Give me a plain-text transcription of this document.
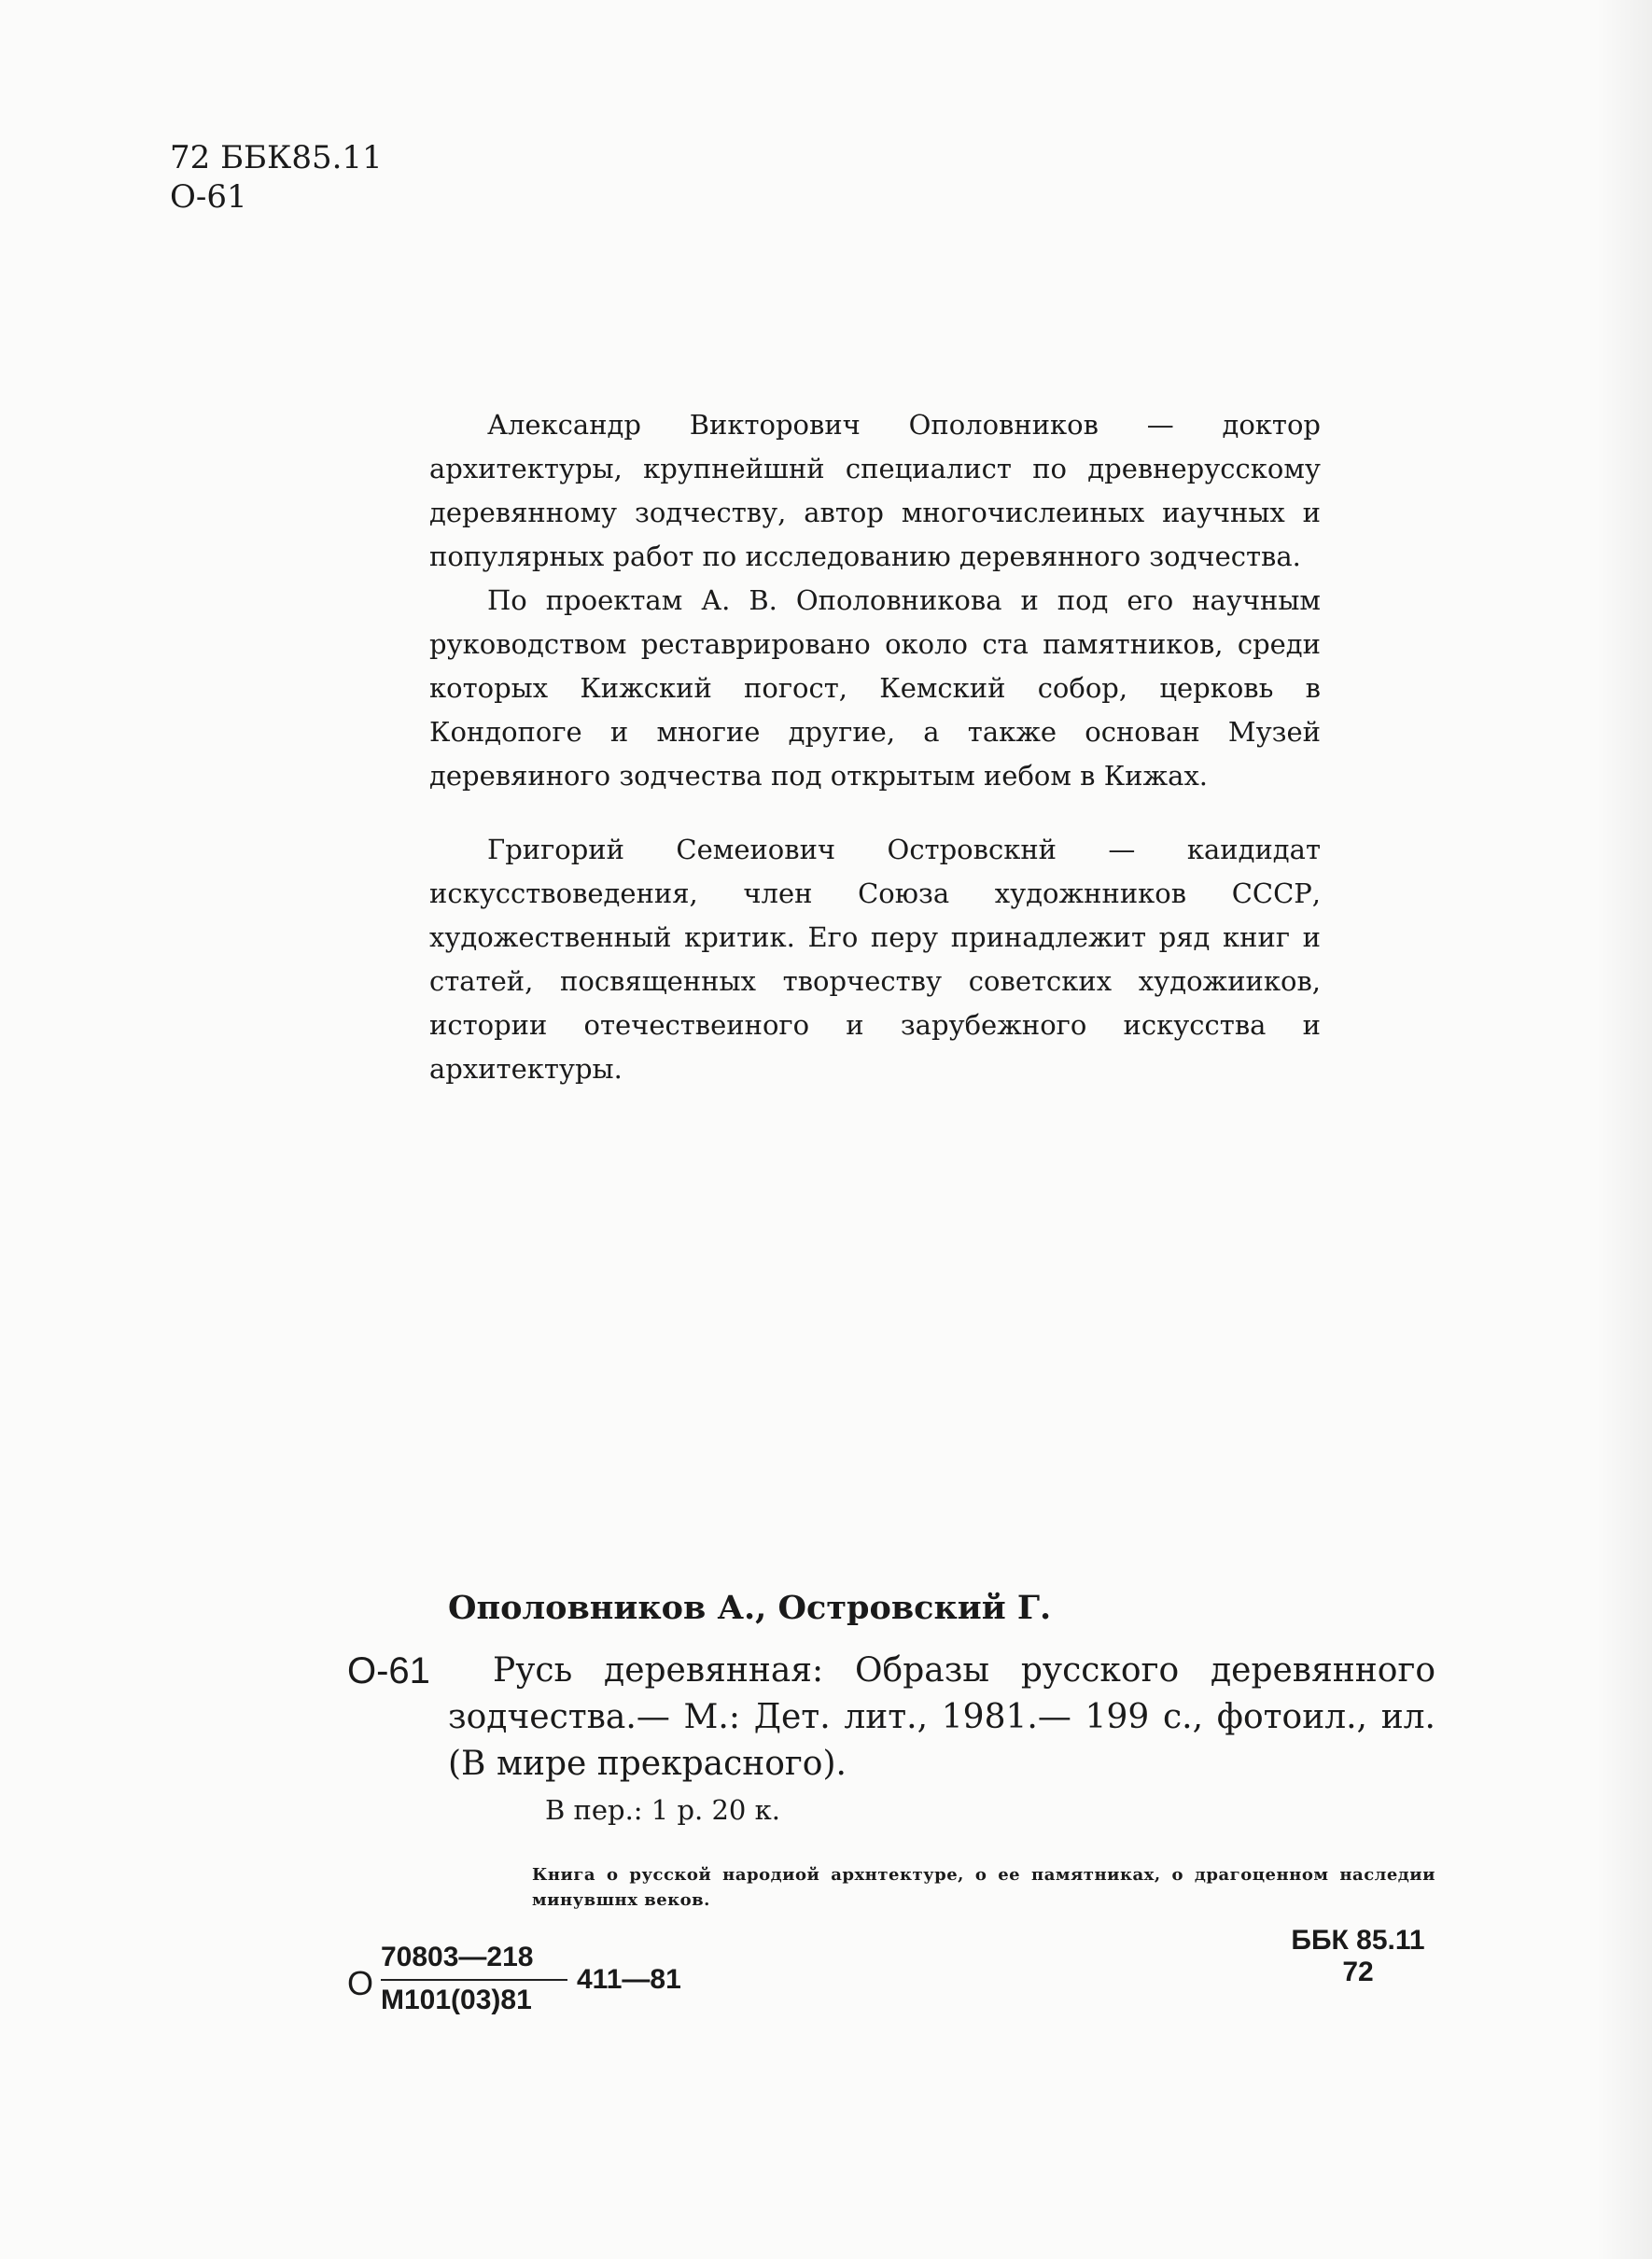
72 ББК85.11
О-61

Александр Викторович Ополовников — доктор архитектуры, крупнейшнй специалист по древнерусскому деревянному зодчеству, автор многочислеиных иаучных и популярных работ по исследованию деревянного зодчества.

По проектам А. В. Ополовникова и под его научным руководством реставрировано около ста памятников, среди которых Кижский погост, Кемский собор, церковь в Кондопоге и многие другие, а также основан Музей деревяиного зодчества под открытым иебом в Кижах.

Григорий Семеиович Островскнй — каидидат искусствоведения, член Союза художнников СССР, художественный критик. Его перу принадлежит ряд книг и статей, посвященных творчеству советских художииков, истории отечествеиного и зарубежного искусства и архитектуры.

Ополовников А., Островский Г.
О-61	Русь деревянная: Образы русского деревянного зодчества.— М.: Дет. лит., 1981.— 199 с., фотоил., ил. (В мире прекрасного).

В пер.: 1 р. 20 к.

Книга о русской народиой архнтектуре, о ее памятниках, о драгоценном наследии минувшнх веков.

О
70803—218
М101(03)81
411—81
ББК 85.11
72
